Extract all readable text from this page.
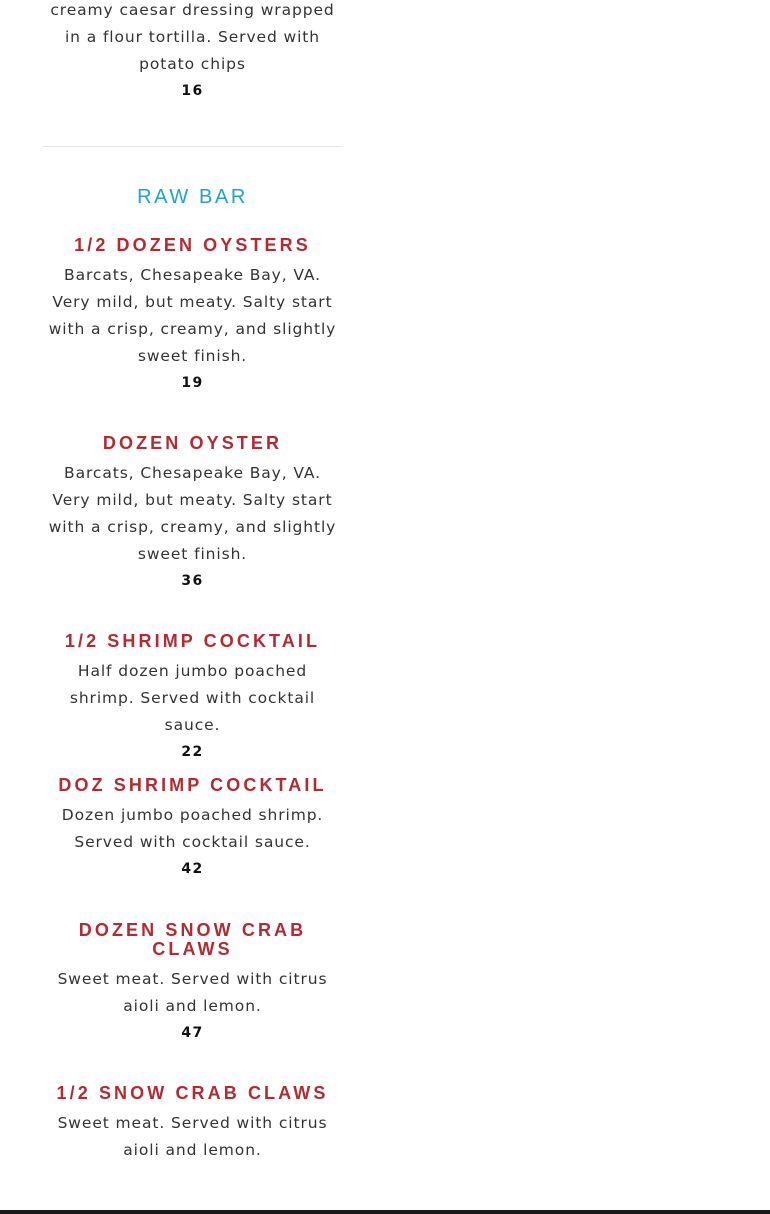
creamy caesar dressing wrapped in a flour tortilla. Served with potato chips
16
RAW BAR
1/2 DOZEN OYSTERS
Barcats, Chesapeake Bay, VA. Very mild, but meaty. Salty start with a crisp, creamy, and slightly sweet finish.
19
DOZEN OYSTER
Barcats, Chesapeake Bay, VA. Very mild, but meaty. Salty start with a crisp, creamy, and slightly sweet finish.
36
1/2 SHRIMP COCKTAIL
Half dozen jumbo poached shrimp. Served with cocktail sauce.
22
DOZ SHRIMP COCKTAIL
Dozen jumbo poached shrimp. Served with cocktail sauce.
42
DOZEN SNOW CRAB CLAWS
Sweet meat. Served with citrus aioli and lemon.
47
1/2 SNOW CRAB CLAWS
Sweet meat. Served with citrus aioli and lemon.
